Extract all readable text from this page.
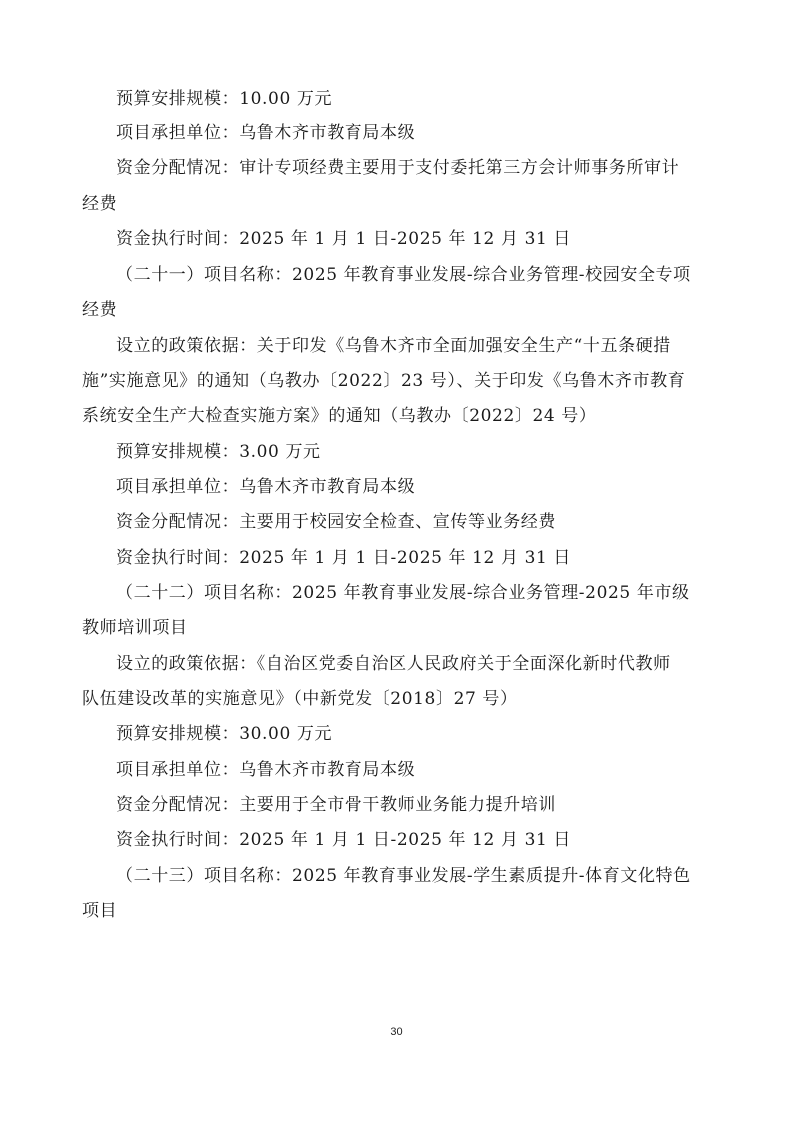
预算安排规模：10.00 万元
项目承担单位：乌鲁木齐市教育局本级
资金分配情况：审计专项经费主要用于支付委托第三方会计师事务所审计
经费
资金执行时间：2025 年 1 月 1 日-2025 年 12 月 31 日
（二十一）项目名称：2025 年教育事业发展-综合业务管理-校园安全专项
经费
设立的政策依据：关于印发《乌鲁木齐市全面加强安全生产“十五条硬措
施”实施意见》的通知（乌教办〔2022〕23 号）、关于印发《乌鲁木齐市教育
系统安全生产大检查实施方案》的通知（乌教办〔2022〕24 号）
预算安排规模：3.00 万元
项目承担单位：乌鲁木齐市教育局本级
资金分配情况：主要用于校园安全检查、宣传等业务经费
资金执行时间：2025 年 1 月 1 日-2025 年 12 月 31 日
（二十二）项目名称：2025 年教育事业发展-综合业务管理-2025 年市级
教师培训项目
设立的政策依据：《自治区党委自治区人民政府关于全面深化新时代教师
队伍建设改革的实施意见》（中新党发〔2018〕27 号）
预算安排规模：30.00 万元
项目承担单位：乌鲁木齐市教育局本级
资金分配情况：主要用于全市骨干教师业务能力提升培训
资金执行时间：2025 年 1 月 1 日-2025 年 12 月 31 日
（二十三）项目名称：2025 年教育事业发展-学生素质提升-体育文化特色
项目
30
